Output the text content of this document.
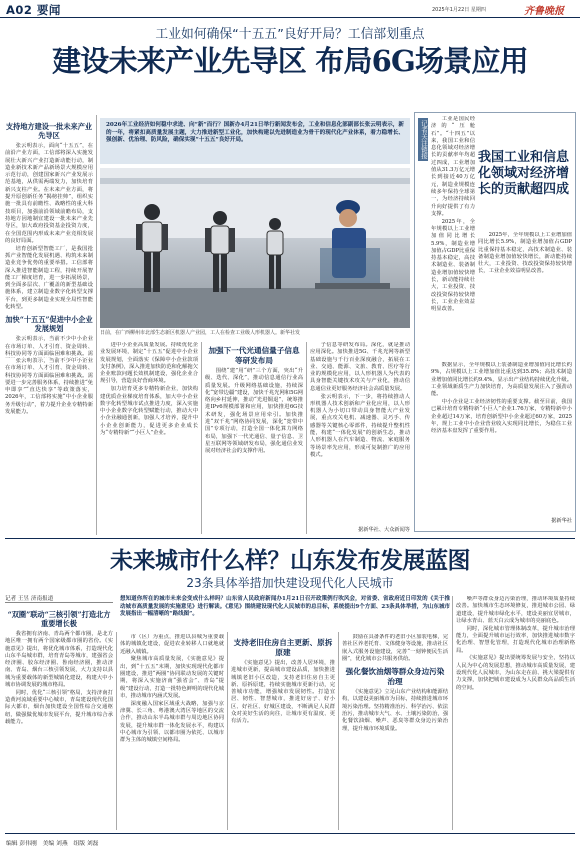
A02 要闻	2025年1月22日 星期四	齐鲁晚报
工业如何确保“十五五”良好开局？工信部划重点
建设未来产业先导区 布局6G场景应用
支持地方建设一批未来产业先导区

张云明表示，面向“十五五”，在前沿产业方面，工信部将深入实施发展壮大新兴产业打造新动能行动，制造业新技术新产品新场景大规模应用示范行动，创建国家新兴产业发展示范基地，从供需两端发力，加快培育新兴支柱产业。在未来产业方面，将提升原创新任务“揭榜挂帅”，组织实施一批具有前瞻性、战略性的重大科技项目，加强前沿领域前瞻布局，支持地方因地制宜建设一批未来产业先导区，加大政府投资基金投资力度，在全国范围内形成未来产业竞相发展的良好局面。

培育创新型智能工厂，是我国抢抓产业智能化发展机遇、构筑未来制造业竞争优势的重要举措。工信部将深入推进智能制造工程，持续开展智能工厂梯度培育，进一步拓展场景，到全面多层次、广覆盖的新型基础设施体系，建立制造业数字化转型支撑平台，到更多制造业实现全局性智能化转型。

加快“十五五”促进中小企业发展规划

张云明表示，当前不少中小企业在市场订单、人才引育、资金周转、科技协同等方面面临困难和挑战。需

张云明表示，当前不少中小企业在市场订单、人才引育、资金周转、科技协同等方面面临困难和挑战。需要进一步完善服务体系，持续推进“免申即享”“直达快享”等政策落实，2026年，工信部将实施“中小企业服务升级行动”，着力提升企业专精特新发展能力。

2026年工业经济如何稳中求进、向“新”而行？国新办4月21日举行新闻发布会，工业和信息化部副部长张云明表示，新的一年，将紧扣高质量发展主题，大力推进新型工业化，加快构建以先进制造业为骨干的现代化产业体系，着力稳增长、强创新、优治理、防风险，确保实现“十五五”良好开局。
日前，在广西柳州市北部生态新区机器人产业园，工人在检查工业级人形机器人。新华社发

进中小企业高质量发展。持续优化企业发展环境，制定“十五五”促进中小企业发展规划，全面落实《保障中小企业款项支付条例》，深入推进加快防范和化解拖欠企业账款问题长效机制建设，强化企业合规引导，营造良好营商环境。

加力培育更多专精特新企业，加快构建优质企业梯度培育体系，加大中小企业数字化转型城市试点推进力度，深入实施中小企业数字化转型赋能行动，推动大中小企业融通创新，加强人才培养，提升中小企业创新能力，促进更多企业成长为“专精特新”“小巨人”企业。

加强下一代光通信量子信息等研发布局

围绕“建”用“研”三个方面，突出“升级、迭代、深化”，推动信息通信行业高质量发展。升级网络基础设施，持续深化“宽带边疆”建设，加快千兆光网和5G网络向乡村延伸，推动“光进铜退”，统筹推进IPv6规模部署和应用，加快推进6G技术研发，强化场景应用牵引。加快推进“双千兆”网络协同发展，深化“宽带中国”专项行动，打造全国一体化算力网络布局，加强下一代光通信、量子信息、卫星互联网等领域研发布局，强化通信业发展对经济社会的支撑作用。

子信息等研发布局。深化，就是推动应用深化。加快推进5G、千兆光网等新型基础设施与千行百业深度融合，拓展在工业、交通、能源、文旅、教育、医疗等行业的规模化应用，以人形机器人为代表的具身智能关键技术攻关与产业化，推动信息通信业更好服务经济社会高质量发展。

张云明表示，下一步，将持续推动人形机器人技术创新和产业化应用，以人形机器人为小切口带动具身智能大产业发展，重点攻关电机、减速器、灵巧手、传感器等关键核心零部件，持续提升整机性能，构建“一体化发展”的创新生态，推动人形机器人在汽车制造、物流、家庭服务等场景率先应用，形成可复制推广的应用模式。

据新华社、大众新闻等
记者关注链接

工业是国民经济的“压舱石”。“十四五”以来，我国工业和信息化领域对经济增长的贡献率年均超过四成，工业增加值从31.3万亿元增长到接近40万亿元，制造业规模连续多年保持全球第一，为经济持续回升向好提供了有力支撑。

2025年，全年规模以上工业增加值同比增长5.9%，制造业增加值占GDP比重保持基本稳定，高技术制造业、装备制造业增加值较快增长，新动能持续壮大，工业投资、技改投资保持较快增长，工业企业效益明显改善。

我国工业和信息化领域对经济增长的贡献超四成

2025年，全年规模以上工业增加值同比增长5.9%，制造业增加值占GDP比重保持基本稳定，高技术制造业、装备制造业增加值较快增长，新动能持续壮大，工业投资、技改投资保持较快增长，工业企业效益明显改善。

数据显示，全年规模以上装备制造业增加值同比增长约9%，占规模以上工业增加值比重达到35.8%；高技术制造业增加值同比增长约9.4%，显示出产业结构持续优化升级。工业领域新质生产力加快培育，为高质量发展注入了强劲动能。

中小企业是工业经济韧性的重要支撑。截至目前，我国已累计培育专精特新“小巨人”企业1.76万家，专精特新中小企业超过14万家，培育创新型中小企业超过60万家，2025年，规上工业中小企业营业收入实现同比增长，为稳住工业经济基本盘发挥了重要作用。

据新华社
未来城市什么样？山东发布发展蓝图
23条具体举措加快建设现代化人民城市
记者 王昱 济南报道	想知道你所在的城市未来会变成什么样吗？山东省人民政府新闻办1月21日召开政策例行吹风会，对省委、省政府近日印发的《关于推动城市高质量发展的实施意见》进行解读。《意见》围绕建设现代化人民城市的总目标，系统提出9个方面、23条具体举措，为山东城市发展指出一幅清晰的“路线图”。
“双圈”联动“三核引领”打造北方重要增长极

我省拥有济南、青岛两个都市圈，是北方地区唯一拥有两个国家级都市圈的省份。《实施意见》提出，将优化城市体系，打造现代化山东半岛城市群，培育青岛等城市，建强省会经济圈、胶东经济圈、鲁南经济圈，推动济南、青岛、烟台三核引领发展，大力支持以县城为重要载体的新型城镇化建设，构建大中小城市协调发展的城市格局。

同时，优化“三核引领”格局，支持济南打造黄河流域重要中心城市，青岛建设现代化国际大都市，烟台加快建设全国性综合交通枢纽，做强做优城市发展平台，提升城市综合承载能力。

市（区）为重点，推进以县城为重要载体的城镇化建设，促进农业转移人口就地就近融入城镇。

聚焦城市高质量发展，《实施意见》提出，到“十五五”末期，加快实现现代化都市圈建设，推进“两圈”协同联动发展的关键时期，将深入实施济南“强省会”、青岛“提级”建设行动，打造一批特色鲜明的现代化城市，推动城市内涵式发展。

深度融入国家区域重大战略，加强与京津冀、长三角、粤港澳大湾区等地区的交流合作，推动山东半岛城市群与周边地区协同发展，提升城市群一体化发展水平，构建以中心城市为引领、以都市圈为依托、以城市群为主体的城镇空间格局。

支持老旧住房自主更新、原拆原建

《实施意见》提出，改善人居环境，推进城市更新，提高城市建设品质，加快推进城镇老旧小区改造，支持老旧住房自主更新、原拆原建，持续实施城市更新行动，完善城市功能，增强城市发展韧性。打造宜居、韧性、智慧城市，推进好房子、好小区、好社区、好城区建设，不断满足人民群众对美好生活的向往，让城市更有温度、更有活力。

鼓励在具备条件的老旧小区加装电梯，完善社区养老托育、文体健身等设施，推动社区嵌入式服务设施建设，完善“一刻钟便民生活圈”，优化城市公共服务供给。

强化餐饮油烟等群众身边污染治理

《实施意见》立足山东产业结构和能源结构，以建设美丽城市为目标，持续推进城市环境污染治理。坚持精准治污、科学治污、依法治污，推动城市大气、水、土壤污染防治，强化餐饮油烟、噪声、恶臭等群众身边污染治理，提升城市环境质量。

噪声等群众身边污染治理，推动环境质量持续改善。加快城市生态环境修复，推进城市公园、绿道建设，提升城市绿化水平，建设美丽宜居城市，让绿水青山、蓝天白云成为城市的亮丽底色。

同时，深化城市管理体制改革，提升城市治理能力，全面提升城市运行效率，加快推进城市数字化治理、智慧化管理，打造现代化城市治理新格局。

《实施意见》提出要统筹发展与安全，坚持以人民为中心的发展思想，推动城市高质量发展，建设现代化人民城市，为山东走在前、挑大梁提供有力支撑，加快把城市建设成为人民群众高品质生活的空间。

编辑 彭伟刚　美编 刘燕　组版 刘磊
